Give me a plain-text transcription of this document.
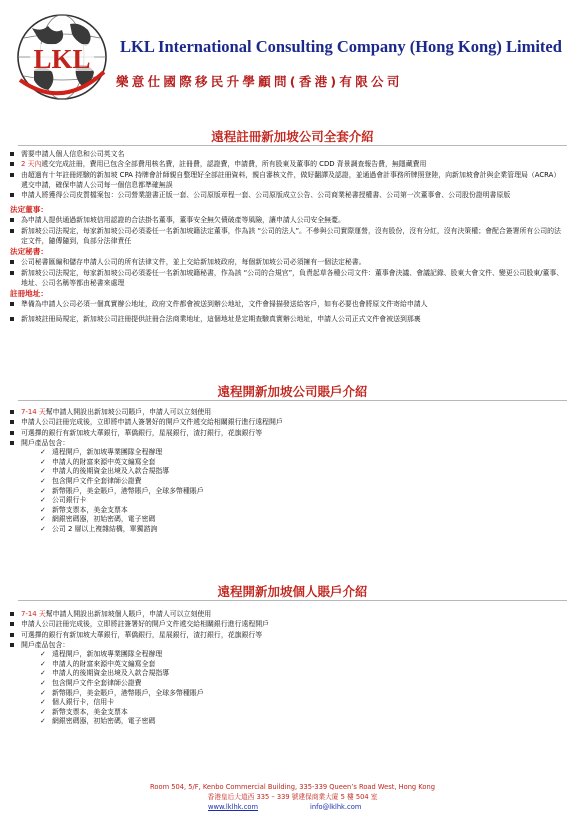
LKL LKL International Consulting Company (Hong Kong) Limited
樂意仕國際移民升學顧問(香港)有限公司
遠程註冊新加坡公司全套介紹
需要申請人個人信息和公司英文名
2 天內遞交完成註冊，費用已包含全部費用核名費，註冊費，認證費，申請費，所有股東及董事的 CDD 背景調查報告費，無隱藏費用
由超過有十年註冊經驗的新加坡 CPA 持牌會計師親自整理好全部註冊資料，親自審核文件，做好翻譯及認證，並通過會計事務所牌照登陸，向新加坡會計與企業管理局（ACRA）遞交申請，確保申請人公司每一個信息都準確無誤
申請人將獲得公司皮質檔案包：公司營業證書正版一套、公司原版章程一套、公司原版成立公告、公司商業秘書授權書、公司第一次董事會、公司股份證明書原版
法定董事：
為申請人提供通過新加坡信用認證的合法掛名董事，董事安全無欠債破產等風險，讓申請人公司安全無憂。
新加坡公司法規定，每家新加坡公司必須委任一名新加坡籍法定董事，作為該 “公司的法人”。不參與公司實際運營，沒有股份，沒有分紅，沒有決策權；會配合簽署所有公司的法定文件，隨傳隨到，負部分法律責任
法定秘書：
公司秘書匯編和儲存申請人公司的所有法律文件，並上交給新加坡政府，每個新加坡公司必須擁有一個法定秘書。
新加坡公司法規定，每家新加坡公司必須委任一名新加坡籍秘書，作為該 “公司的合規官”，負責起草各種公司文件：董事會決議、會議記錄、股東大會文件、變更公司股東/董事、地址、公司名稱等都由秘書來處理
註冊地址：
準備為申請人公司必須一個真實辦公地址，政府文件都會被送到辦公地址，文件會掃描發送給客戶，如有必要也會將原文件寄給申請人
新加坡註冊局規定，新加坡公司註冊提供註冊合法商業地址，這個地址是定期查驗真實辦公地址，申請人公司正式文件會被送到那裏
遠程開新加坡公司賬戶介紹
7-14 天幫申請人開設出新加坡公司賬戶，申請人可以立刻使用
申請人公司註冊完成後，立即將申請人簽署好的開戶文件遞交給相關銀行進行遠程開戶
可選擇的銀行有新加坡大華銀行，華僑銀行，星展銀行，渣打銀行，花旗銀行等
開戶產品包含：
✓ 遠程開戶，新加坡專業團隊全程辦理
✓ 申請人的財富來源中英文編寫全套
✓ 申請人的後期資金出境及入款合規指導
✓ 包含開戶文件全套律師公證費
✓ 新幣賬戶，美金賬戶，港幣賬戶，全球多幣種賬戶
✓ 公司銀行卡
✓ 新幣支票本，美金支票本
✓ 網銀密碼器，初始密碼，電子密碼
✓ 公司 2 層以上複雜結構，單獨諮詢
遠程開新加坡個人賬戶介紹
7-14 天幫申請人開設出新加坡個人賬戶，申請人可以立刻使用
申請人公司註冊完成後，立即將註簽署好的開戶文件遞交給相關銀行進行遠程開戶
可選擇的銀行有新加坡大華銀行，華僑銀行，星展銀行，渣打銀行，花旗銀行等
開戶產品包含：
✓ 遠程開戶，新加坡專業團隊全程辦理
✓ 申請人的財富來源中英文編寫全套
✓ 申請人的後期資金出境及入款合規指導
✓ 包含開戶文件全套律師公證費
✓ 新幣賬戶，美金賬戶，港幣賬戶，全球多幣種賬戶
✓ 個人銀行卡，信用卡
✓ 新幣支票本，美金支票本
✓ 網銀密碼器，初始密碼，電子密碼
Room 504, 5/F, Kenbo Commercial Building, 335-339 Queen’s Road West, Hong Kong
香港皇后大道西 335 – 339 號建保商業大廈 5 樓 504 室
www.lklhk.com	info@lklhk.com
